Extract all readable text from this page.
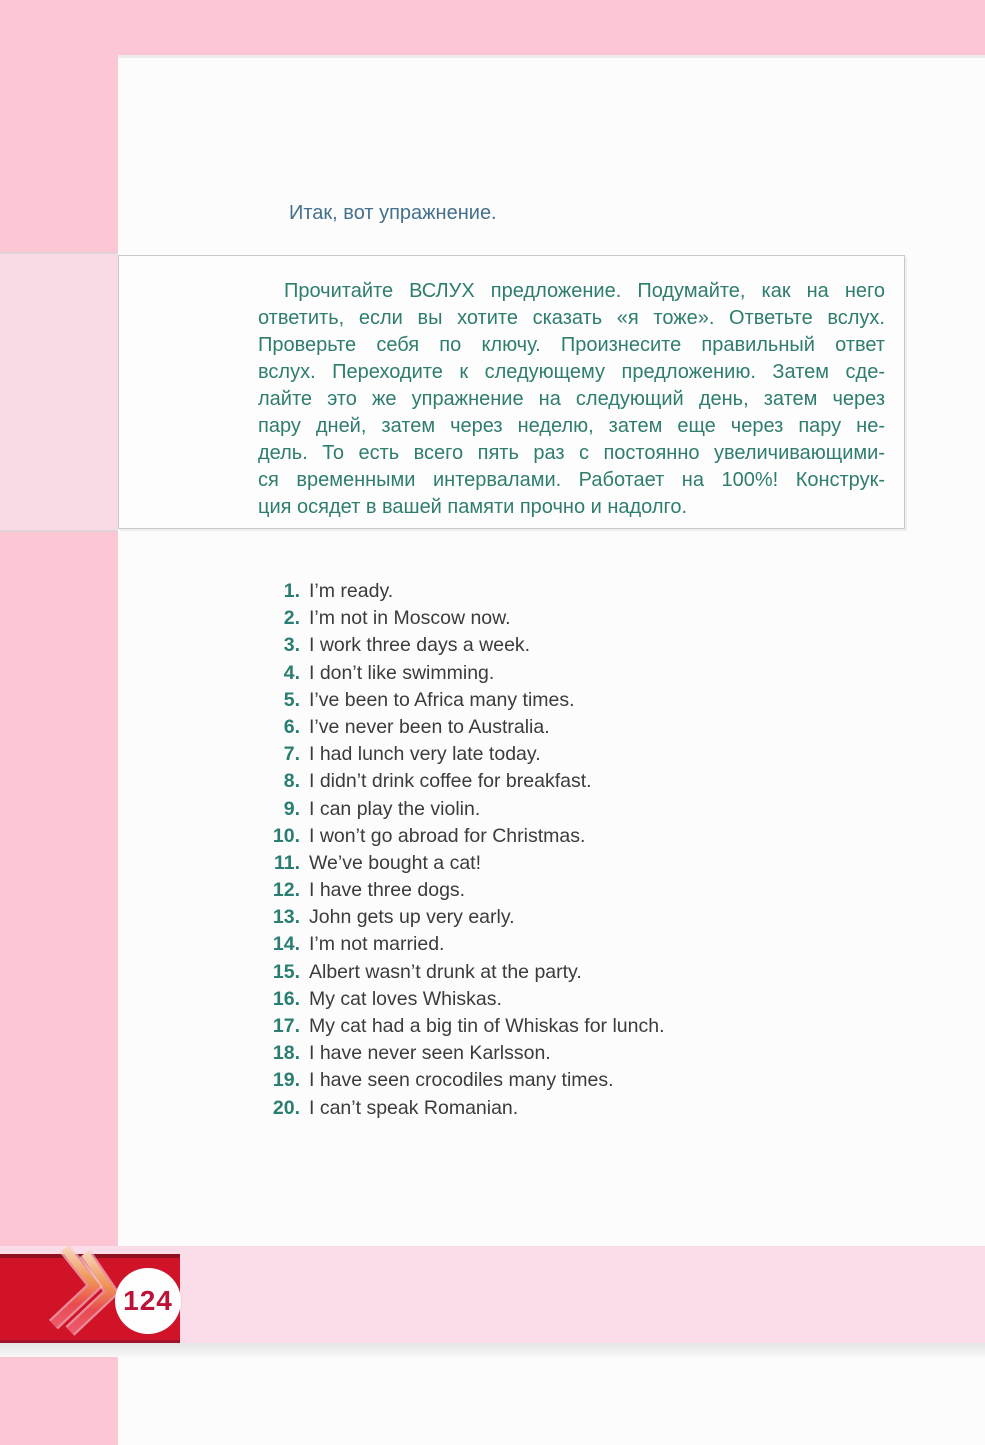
Итак, вот упражнение.
Прочитайте ВСЛУХ предложение. Подумайте, как на него
ответить, если вы хотите сказать «я тоже». Ответьте вслух.
Проверьте себя по ключу. Произнесите правильный ответ
вслух. Переходите к следующему предложению. Затем сде-
лайте это же упражнение на следующий день, затем через
пару дней, затем через неделю, затем еще через пару не-
дель. То есть всего пять раз с постоянно увеличивающими-
ся временными интервалами. Работает на 100%! Конструк-
ция осядет в вашей памяти прочно и надолго.
1. I’m ready.
2. I’m not in Moscow now.
3. I work three days a week.
4. I don’t like swimming.
5. I’ve been to Africa many times.
6. I’ve never been to Australia.
7. I had lunch very late today.
8. I didn’t drink coffee for breakfast.
9. I can play the violin.
10. I won’t go abroad for Christmas.
11. We’ve bought a cat!
12. I have three dogs.
13. John gets up very early.
14. I’m not married.
15. Albert wasn’t drunk at the party.
16. My cat loves Whiskas.
17. My cat had a big tin of Whiskas for lunch.
18. I have never seen Karlsson.
19. I have seen crocodiles many times.
20. I can’t speak Romanian.
124
